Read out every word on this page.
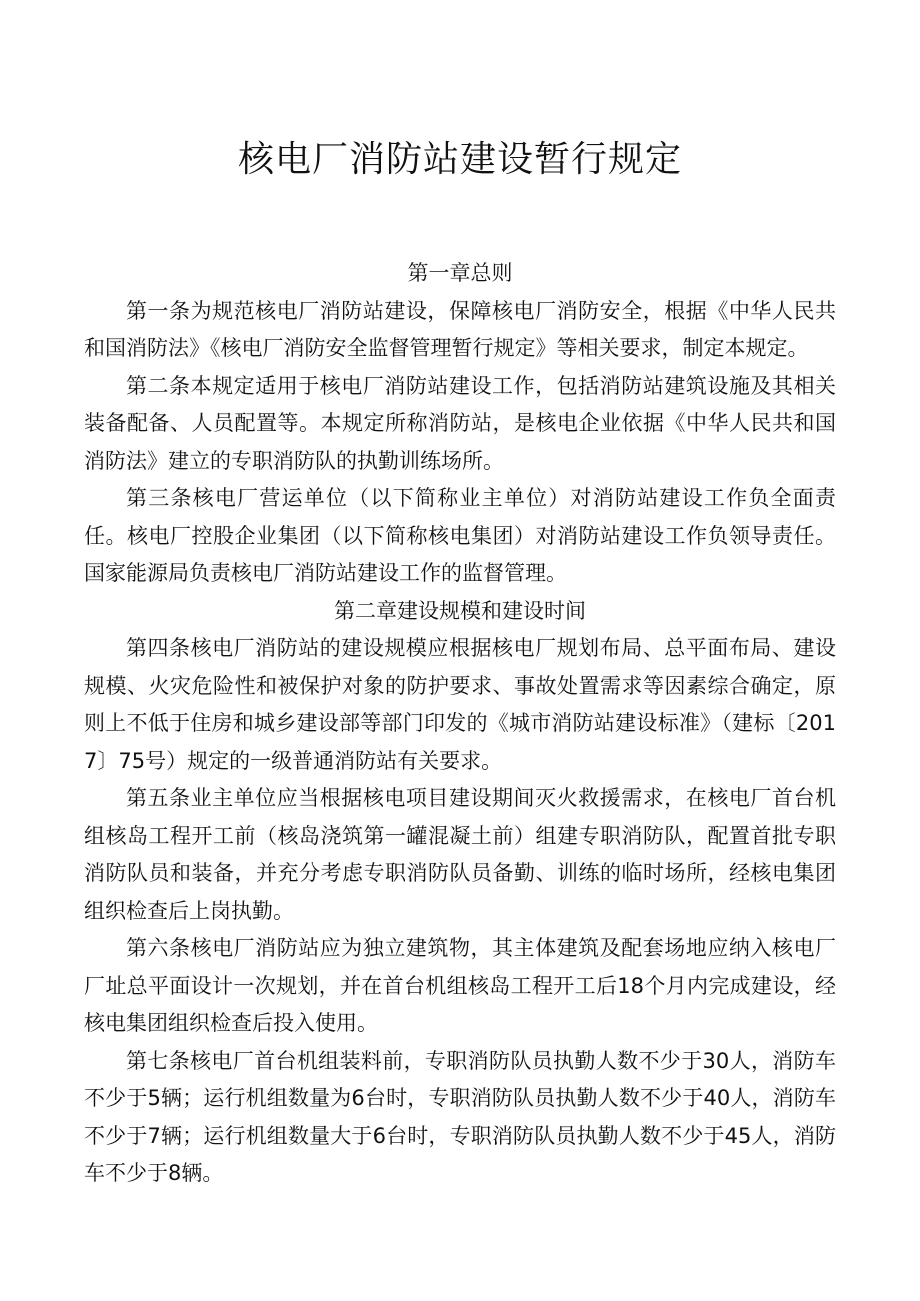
核电厂消防站建设暂行规定
第一章总则

第一条为规范核电厂消防站建设，保障核电厂消防安全，根据《中华人民共和国消防法》《核电厂消防安全监督管理暂行规定》等相关要求，制定本规定。

第二条本规定适用于核电厂消防站建设工作，包括消防站建筑设施及其相关装备配备、人员配置等。本规定所称消防站，是核电企业依据《中华人民共和国消防法》建立的专职消防队的执勤训练场所。

第三条核电厂营运单位（以下简称业主单位）对消防站建设工作负全面责任。核电厂控股企业集团（以下简称核电集团）对消防站建设工作负领导责任。国家能源局负责核电厂消防站建设工作的监督管理。

第二章建设规模和建设时间

第四条核电厂消防站的建设规模应根据核电厂规划布局、总平面布局、建设规模、火灾危险性和被保护对象的防护要求、事故处置需求等因素综合确定，原则上不低于住房和城乡建设部等部门印发的《城市消防站建设标准》（建标〔2017〕75号）规定的一级普通消防站有关要求。

第五条业主单位应当根据核电项目建设期间灭火救援需求，在核电厂首台机组核岛工程开工前（核岛浇筑第一罐混凝土前）组建专职消防队，配置首批专职消防队员和装备，并充分考虑专职消防队员备勤、训练的临时场所，经核电集团组织检查后上岗执勤。

第六条核电厂消防站应为独立建筑物，其主体建筑及配套场地应纳入核电厂厂址总平面设计一次规划，并在首台机组核岛工程开工后18个月内完成建设，经核电集团组织检查后投入使用。

第七条核电厂首台机组装料前，专职消防队员执勤人数不少于30人，消防车不少于5辆；运行机组数量为6台时，专职消防队员执勤人数不少于40人，消防车不少于7辆；运行机组数量大于6台时，专职消防队员执勤人数不少于45人，消防车不少于8辆。
